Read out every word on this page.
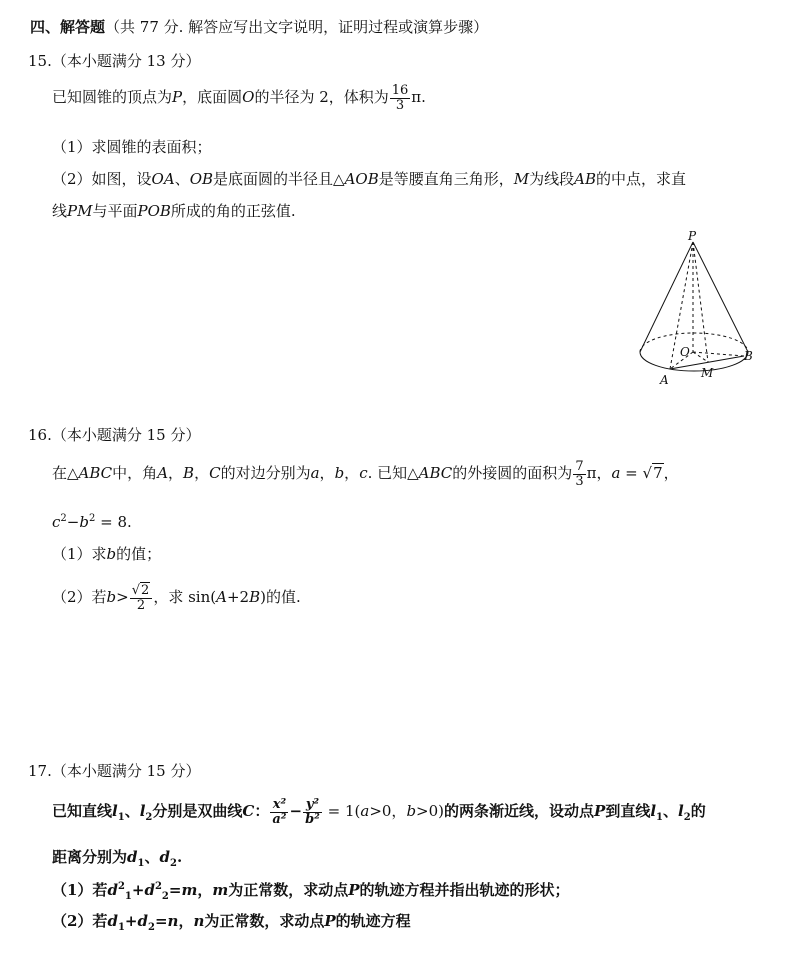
四、解答题（共 77 分. 解答应写出文字说明，证明过程或演算步骤）
15.（本小题满分 13 分）
已知圆锥的顶点为P，底面圆O的半径为 2，体积为 $\frac{16}{3} \pi$.
（1）求圆锥的表面积；
（2）如图，设OA、OB是底面圆的半径且△AOB是等腰直角三角形，M为线段AB的中点，求直
线PM与平面POB所成的角的正弦值.
P
O
A
B
M
16.（本小题满分 15 分）
在△ABC中，角A，B，C的对边分别为a，b，c. 已知△ABC的外接圆的面积为 $\frac{7}{3}$ π，a = √7，
$c^2-b^2 = 8$.
（1）求b的值；
（2）若$b> \frac{√2}{2}$ ，求 sin(A+2B)的值.
17.（本小题满分 15 分）
已知直线$l_1$、$l_2$分别是双曲线C： $\frac{\text{x²}}{\text{a²}} - \frac{\text{y²}}{\text{b²}} = 1(a>0$，b>0)的两条渐近线，设动点P到直线$l_1$、$l_2$的
距离分别为$d_1$、$d_2$.
（1）若$d^2_1+d^2_2=m$，m为正常数，求动点P的轨迹方程并指出轨迹的形状；
（2）若$d_1+d_2=n$，n为正常数，求动点P的轨迹方程
